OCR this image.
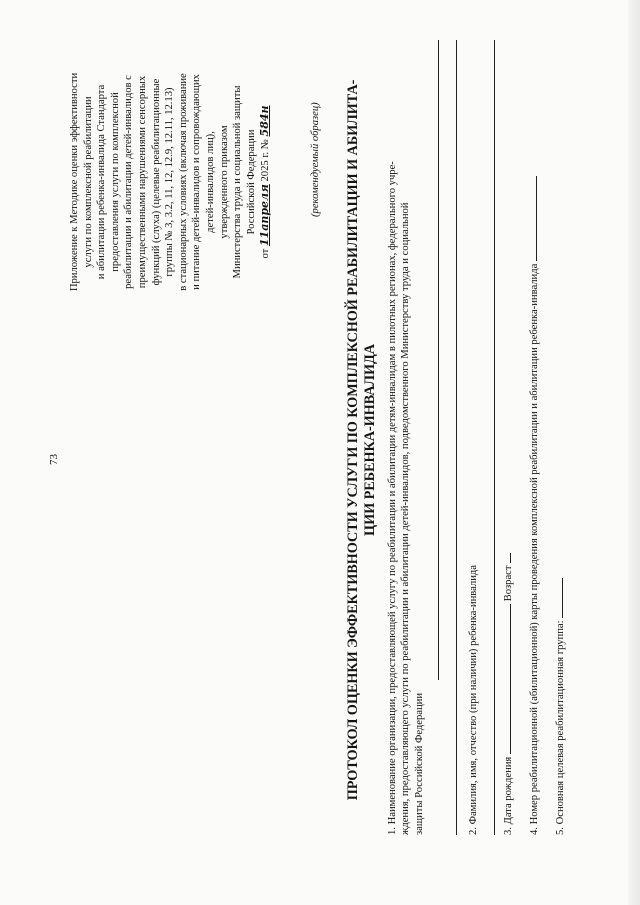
73
Приложение к Методике оценки эффективности услуги по комплексной реабилитации и абилитации ребенка-инвалида Стандарта предоставления услуги по комплексной реабилитации и абилитации детей-инвалидов с преимущественными нарушениями сенсорных функций (слуха) (целевые реабилитационные группы № 3, 3.2, 11, 12, 12.9, 12.11, 12.13) в стационарных условиях (включая проживание и питание детей-инвалидов и сопровождающих детей-инвалидов лиц), утвержденного приказом Министерства труда и социальной защиты Российской Федерации
от 11апреля 2025 г. № 584н	(рекомендуемый образец) ПРОТОКОЛ ОЦЕНКИ ЭФФЕКТИВНОСТИ УСЛУГИ ПО КОМПЛЕКСНОЙ РЕАБИЛИТАЦИИ И АБИЛИТА- ЦИИ РЕБЕНКА-ИНВАЛИДА 1. Наименование организации, предоставляющей услугу по реабилитации и абилитации детям-инвалидам в пилотных регионах, федерального учре- ждения, предоставляющего услуги по реабилитации и абилитации детей-инвалидов, подведомственного Министерству труда и социальной защиты Российской Федерации	2. Фамилия, имя, отчество (при наличии) ребенка-инвалида 3. Дата рождения  Возраст 4. Номер реабилитационной (абилитационной) карты проведения комплексной реабилитации и абилитации ребенка-инвалида 5. Основная целевая реабилитационная группа:
